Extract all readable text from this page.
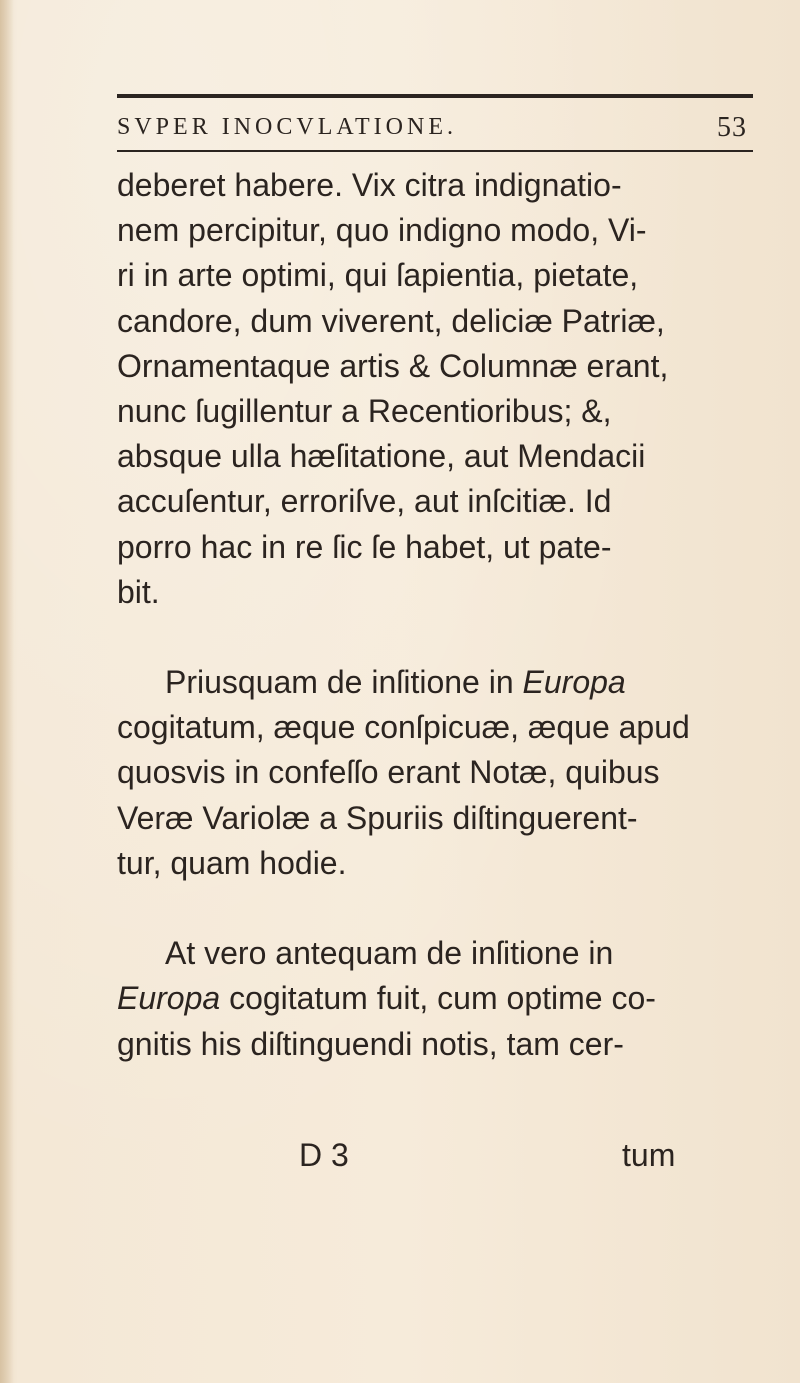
SVPER INOCVLATIONE.	53
deberet habere. Vix citra indignatio-
nem percipitur, quo indigno modo, Vi-
ri in arte optimi, qui ſapientia, pietate,
candore, dum viverent, deliciæ Patriæ,
Ornamentaque artis & Columnæ erant,
nunc ſugillentur a Recentioribus; &,
absque ulla hæſitatione, aut Mendacii
accuſentur, erroriſve, aut inſcitiæ. Id
porro hac in re ſic ſe habet, ut pate-
bit.
Priusquam de inſitione in Europa
cogitatum, æque conſpicuæ, æque apud
quosvis in confeſſo erant Notæ, quibus
Veræ Variolæ a Spuriis diſtinguerent-
tur, quam hodie.
At vero antequam de inſitione in
Europa cogitatum fuit, cum optime co-
gnitis his diſtinguendi notis, tam cer-
D 3	tum
